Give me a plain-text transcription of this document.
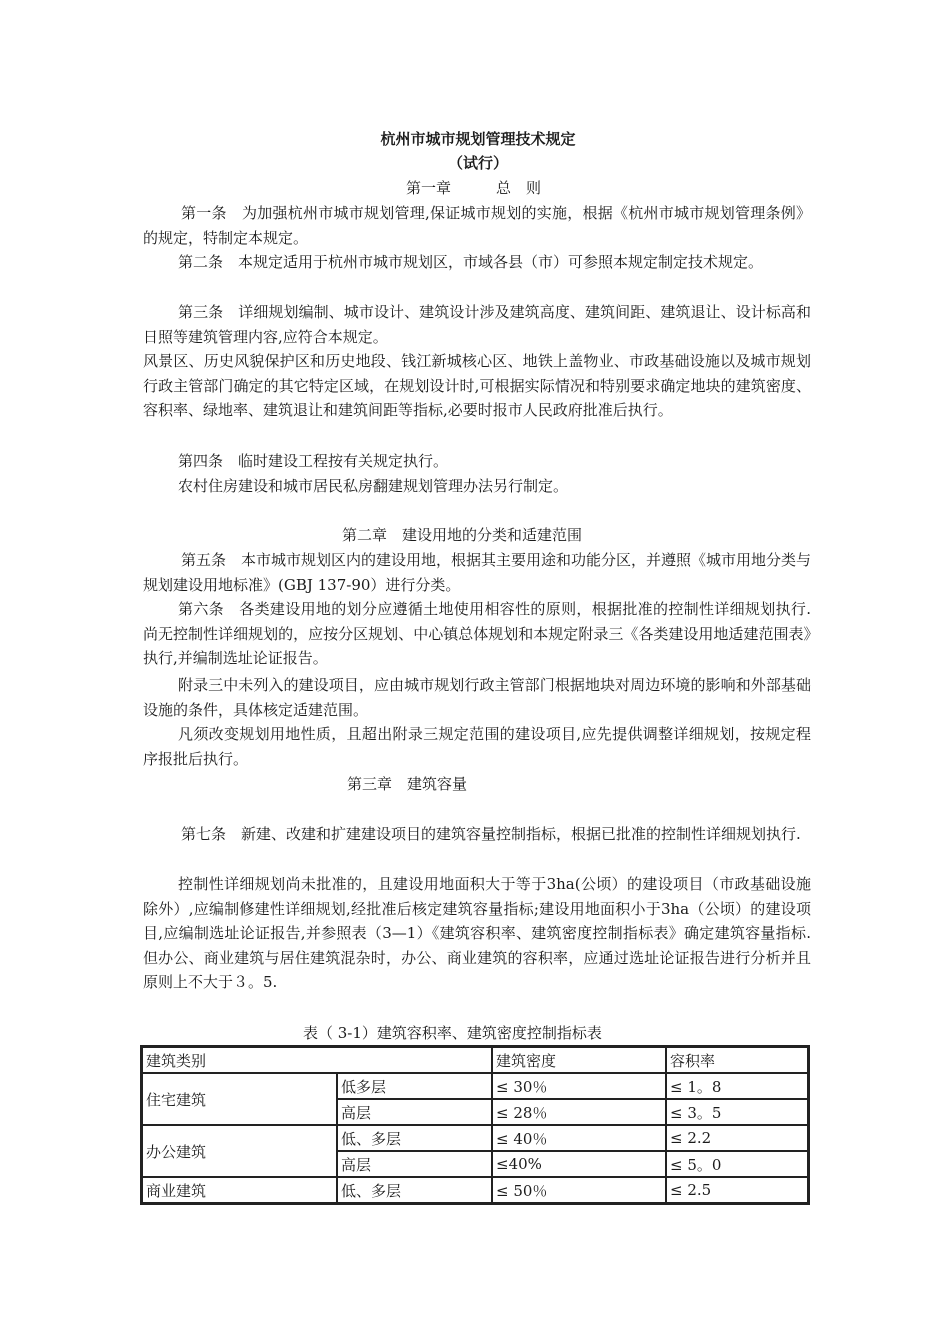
杭州市城市规划管理技术规定
（试行）
第一章　　　总　则

第一条　为加强杭州市城市规划管理,保证城市规划的实施，根据《杭州市城市规划管理条例》的规定，特制定本规定。

第二条　本规定适用于杭州市城市规划区，市域各县（市）可参照本规定制定技术规定。

第三条　详细规划编制、城市设计、建筑设计涉及建筑高度、建筑间距、建筑退让、设计标高和日照等建筑管理内容,应符合本规定。

风景区、历史风貌保护区和历史地段、钱江新城核心区、地铁上盖物业、市政基础设施以及城市规划行政主管部门确定的其它特定区域，在规划设计时,可根据实际情况和特别要求确定地块的建筑密度、容积率、绿地率、建筑退让和建筑间距等指标,必要时报市人民政府批准后执行。

第四条　临时建设工程按有关规定执行。

农村住房建设和城市居民私房翻建规划管理办法另行制定。

第二章　建设用地的分类和适建范围

第五条　本市城市规划区内的建设用地，根据其主要用途和功能分区，并遵照《城市用地分类与规划建设用地标准》(GBJ 137-90）进行分类。

第六条　各类建设用地的划分应遵循土地使用相容性的原则，根据批准的控制性详细规划执行.尚无控制性详细规划的，应按分区规划、中心镇总体规划和本规定附录三《各类建设用地适建范围表》执行,并编制选址论证报告。

附录三中未列入的建设项目，应由城市规划行政主管部门根据地块对周边环境的影响和外部基础设施的条件，具体核定适建范围。

凡须改变规划用地性质，且超出附录三规定范围的建设项目,应先提供调整详细规划，按规定程序报批后执行。

第三章　建筑容量

第七条　新建、改建和扩建建设项目的建筑容量控制指标，根据已批准的控制性详细规划执行.

控制性详细规划尚未批准的，且建设用地面积大于等于3ha(公顷）的建设项目（市政基础设施除外）,应编制修建性详细规划,经批准后核定建筑容量指标;建设用地面积小于3ha（公顷）的建设项目,应编制选址论证报告,并参照表（3—1）《建筑容积率、建筑密度控制指标表》确定建筑容量指标.但办公、商业建筑与居住建筑混杂时，办公、商业建筑的容积率，应通过选址论证报告进行分析并且原则上不大于３。5.

表（ 3-1）建筑容积率、建筑密度控制指标表
建筑类别		建筑密度	容积率
住宅建筑	低多层	≤ 30％	≤ 1。8
	高层	≤ 28％	≤ 3。5
办公建筑	低、多层	≤ 40％	≤ 2.2
	高层	≤40%	≤ 5。0
商业建筑	低、多层	≤ 50％	≤ 2.5
